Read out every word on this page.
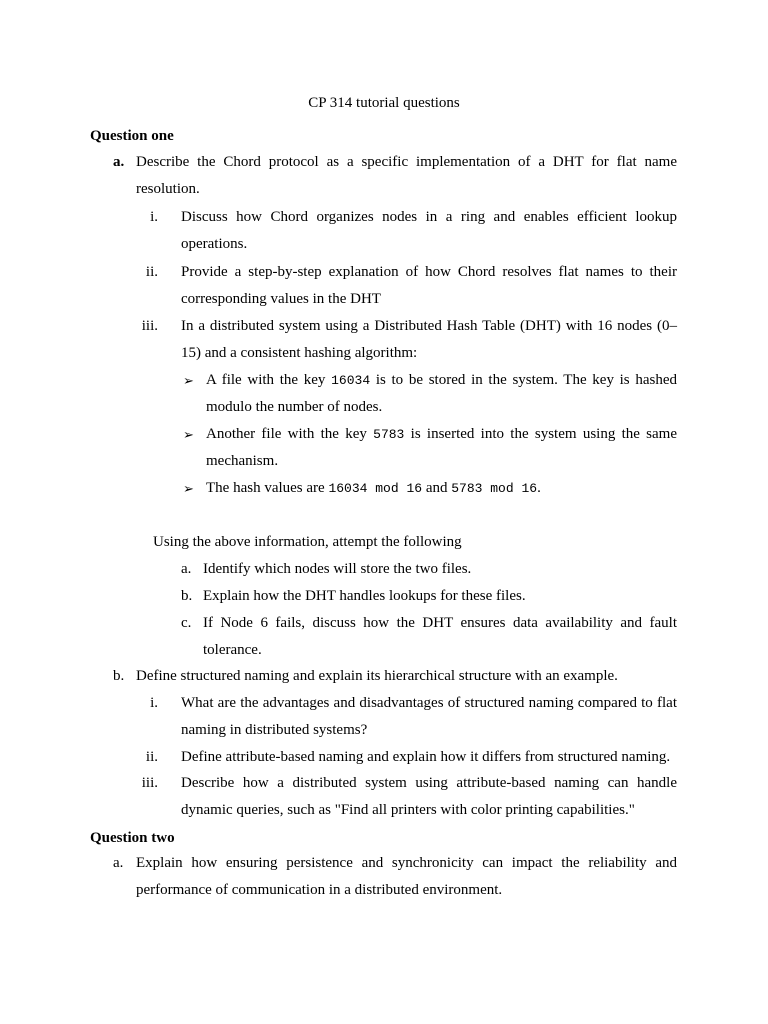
CP 314 tutorial questions
Question one
a. Describe the Chord protocol as a specific implementation of a DHT for flat name resolution.
i. Discuss how Chord organizes nodes in a ring and enables efficient lookup operations.
ii. Provide a step-by-step explanation of how Chord resolves flat names to their corresponding values in the DHT
iii. In a distributed system using a Distributed Hash Table (DHT) with 16 nodes (0–15) and a consistent hashing algorithm:
➢ A file with the key 16034 is to be stored in the system. The key is hashed modulo the number of nodes.
➢ Another file with the key 5783 is inserted into the system using the same mechanism.
➢ The hash values are 16034 mod 16 and 5783 mod 16.
Using the above information, attempt the following
a. Identify which nodes will store the two files.
b. Explain how the DHT handles lookups for these files.
c. If Node 6 fails, discuss how the DHT ensures data availability and fault tolerance.
b. Define structured naming and explain its hierarchical structure with an example.
i. What are the advantages and disadvantages of structured naming compared to flat naming in distributed systems?
ii. Define attribute-based naming and explain how it differs from structured naming.
iii. Describe how a distributed system using attribute-based naming can handle dynamic queries, such as "Find all printers with color printing capabilities."
Question two
a. Explain how ensuring persistence and synchronicity can impact the reliability and performance of communication in a distributed environment.
